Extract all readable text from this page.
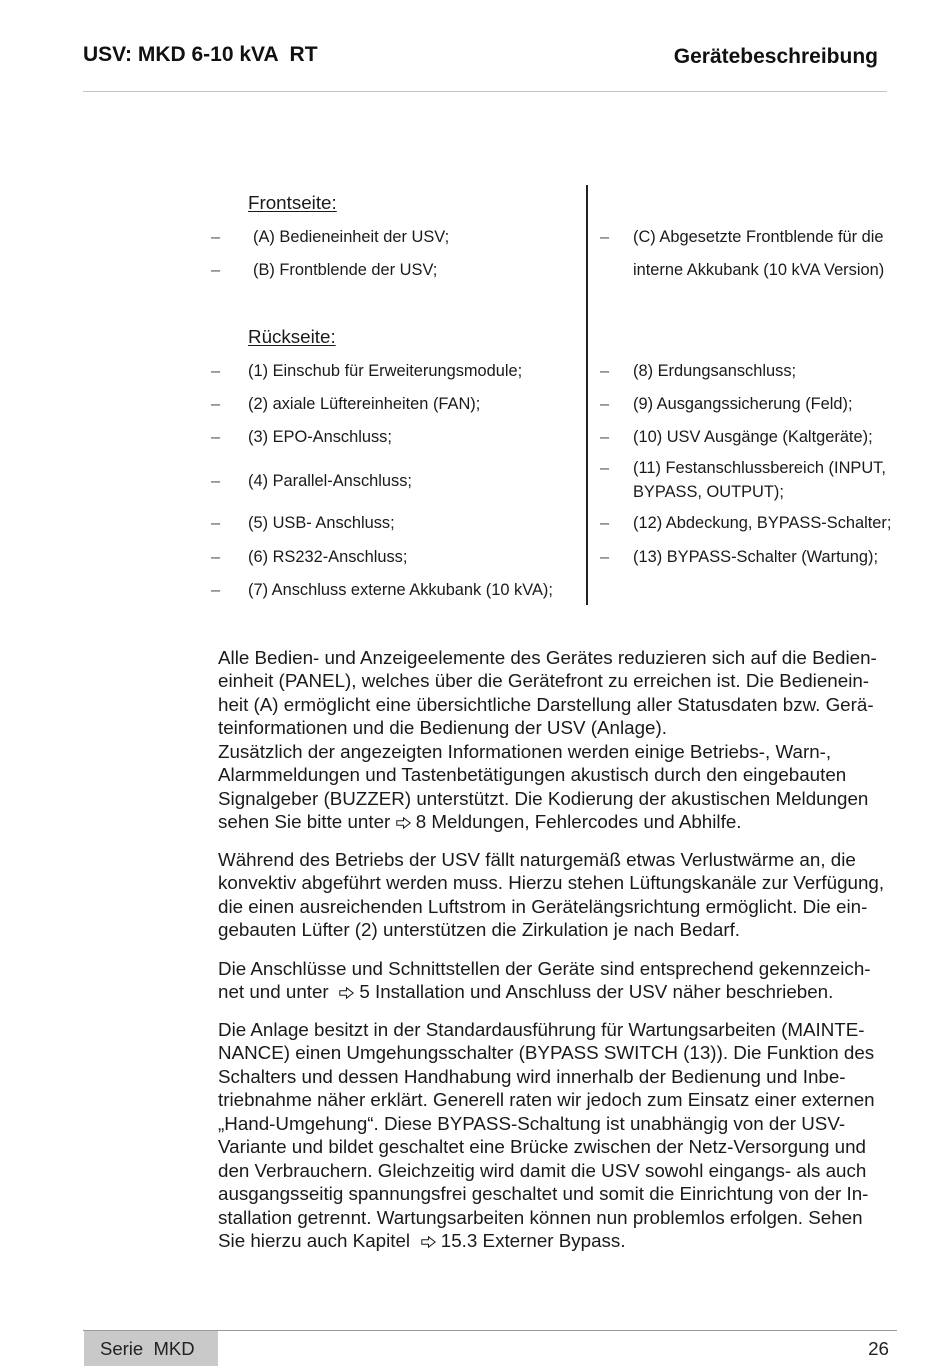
USV: MKD 6-10 kVA  RT	Gerätebeschreibung
Frontseite:
– (A) Bedieneinheit der USV;
– (B) Frontblende der USV;
– (C) Abgesetzte Frontblende für die
interne Akkubank (10 kVA Version)
Rückseite:
– (1) Einschub für Erweiterungsmodule;
– (2) axiale Lüftereinheiten (FAN);
– (3) EPO-Anschluss;
– (4) Parallel-Anschluss;
– (5) USB- Anschluss;
– (6) RS232-Anschluss;
– (7) Anschluss externe Akkubank (10 kVA);
– (8) Erdungsanschluss;
– (9) Ausgangssicherung (Feld);
– (10) USV Ausgänge (Kaltgeräte);
– (11) Festanschlussbereich (INPUT,
BYPASS, OUTPUT);
– (12) Abdeckung, BYPASS-Schalter;
– (13) BYPASS-Schalter (Wartung);
Alle Bedien- und Anzeigeelemente des Gerätes reduzieren sich auf die Bedien-
einheit (PANEL), welches über die Gerätefront zu erreichen ist. Die Bedienein-
heit (A) ermöglicht eine übersichtliche Darstellung aller Statusdaten bzw. Gerä-
teinformationen und die Bedienung der USV (Anlage).
Zusätzlich der angezeigten Informationen werden einige Betriebs-, Warn-,
Alarmmeldungen und Tastenbetätigungen akustisch durch den eingebauten
Signalgeber (BUZZER) unterstützt. Die Kodierung der akustischen Meldungen
sehen Sie bitte unter
8 Meldungen, Fehlercodes und Abhilfe.
Während des Betriebs der USV fällt naturgemäß etwas Verlustwärme an, die
konvektiv abgeführt werden muss. Hierzu stehen Lüftungskanäle zur Verfügung,
die einen ausreichenden Luftstrom in Gerätelängsrichtung ermöglicht. Die ein-
gebauten Lüfter (2) unterstützen die Zirkulation je nach Bedarf.
Die Anschlüsse und Schnittstellen der Geräte sind entsprechend gekennzeich-
net und unter
5 Installation und Anschluss der USV näher beschrieben.
Die Anlage besitzt in der Standardausführung für Wartungsarbeiten (MAINTE-
NANCE) einen Umgehungsschalter (BYPASS SWITCH (13)). Die Funktion des
Schalters und dessen Handhabung wird innerhalb der Bedienung und Inbe-
triebnahme näher erklärt. Generell raten wir jedoch zum Einsatz einer externen
„Hand-Umgehung“. Diese BYPASS-Schaltung ist unabhängig von der USV-
Variante und bildet geschaltet eine Brücke zwischen der Netz-Versorgung und
den Verbrauchern. Gleichzeitig wird damit die USV sowohl eingangs- als auch
ausgangsseitig spannungsfrei geschaltet und somit die Einrichtung von der In-
stallation getrennt. Wartungsarbeiten können nun problemlos erfolgen. Sehen
Sie hierzu auch Kapitel
15.3 Externer Bypass.
Serie  MKD	26
